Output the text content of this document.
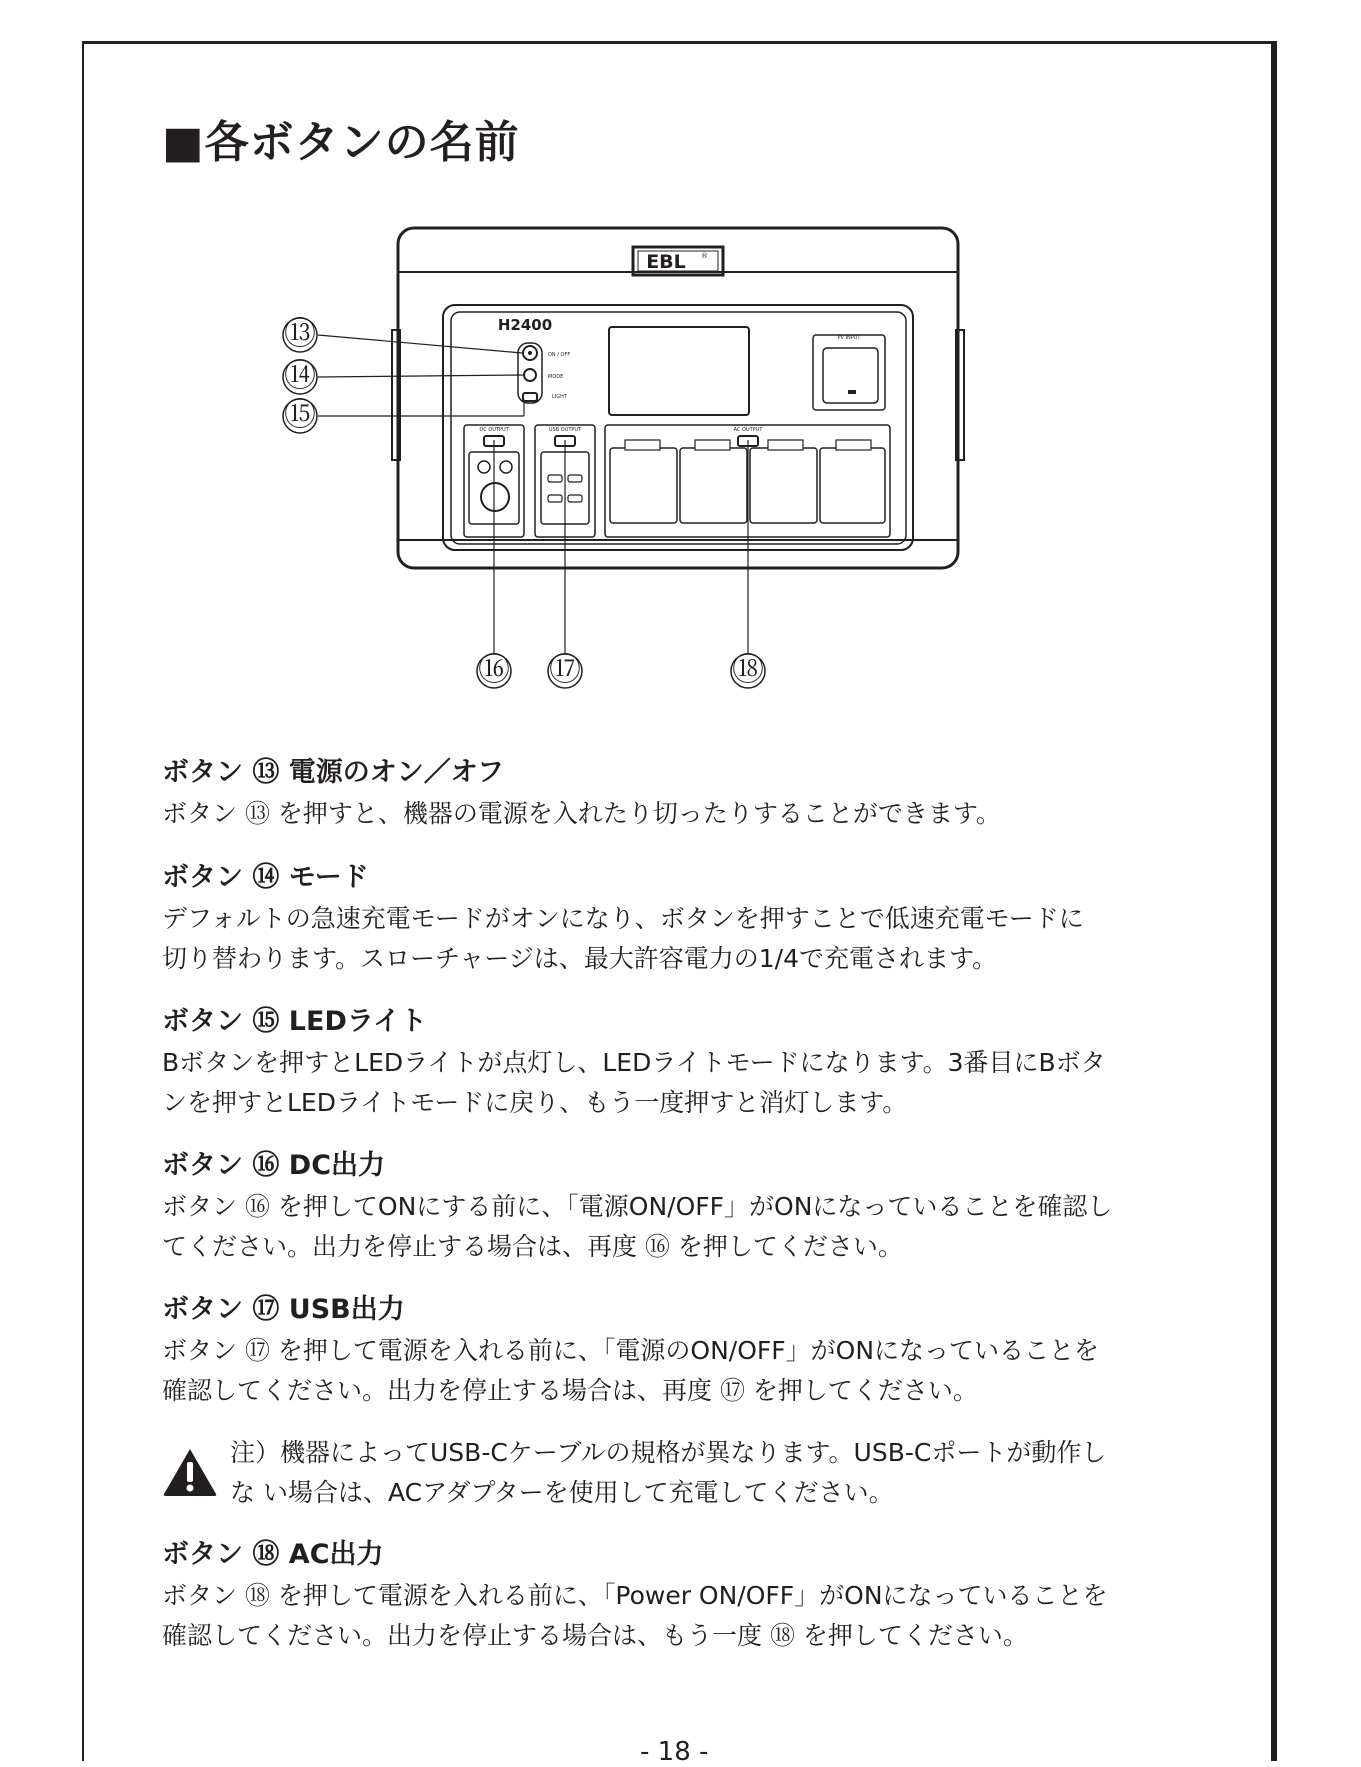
■各ボタンの名前
EBL ®
H2400
PV INPUT
ON / OFF
MODE
LIGHT
DC OUTPUT	USB OUTPUT	AC OUTPUT
⑬
⑭
⑮
⑯ ⑰	⑱
ボタン ⑬ 電源のオン／オフ
ボタン ⑬ を押すと、機器の電源を入れたり切ったりすることができます。
ボタン ⑭ モード
デフォルトの急速充電モードがオンになり、ボタンを押すことで低速充電モードに
切り替わります。スローチャージは、最大許容電力の1/4で充電されます。
ボタン ⑮ LEDライト
Bボタンを押すとLEDライトが点灯し、LEDライトモードになります。3番目にBボタ
ンを押すとLEDライトモードに戻り、もう一度押すと消灯します。
ボタン ⑯ DC出力
ボタン ⑯ を押してONにする前に、「電源ON/OFF」がONになっていることを確認し
てください。出力を停止する場合は、再度 ⑯ を押してください。
ボタン ⑰ USB出力
ボタン ⑰ を押して電源を入れる前に、「電源のON/OFF」がONになっていることを
確認してください。出力を停止する場合は、再度 ⑰ を押してください。
注）機器によってUSB-Cケーブルの規格が異なります。USB-Cポートが動作し
な い場合は、ACアダプターを使用して充電してください。
ボタン ⑱ AC出力
ボタン ⑱ を押して電源を入れる前に、「Power ON/OFF」がONになっていることを
確認してください。出力を停止する場合は、もう一度 ⑱ を押してください。
- 18 -
